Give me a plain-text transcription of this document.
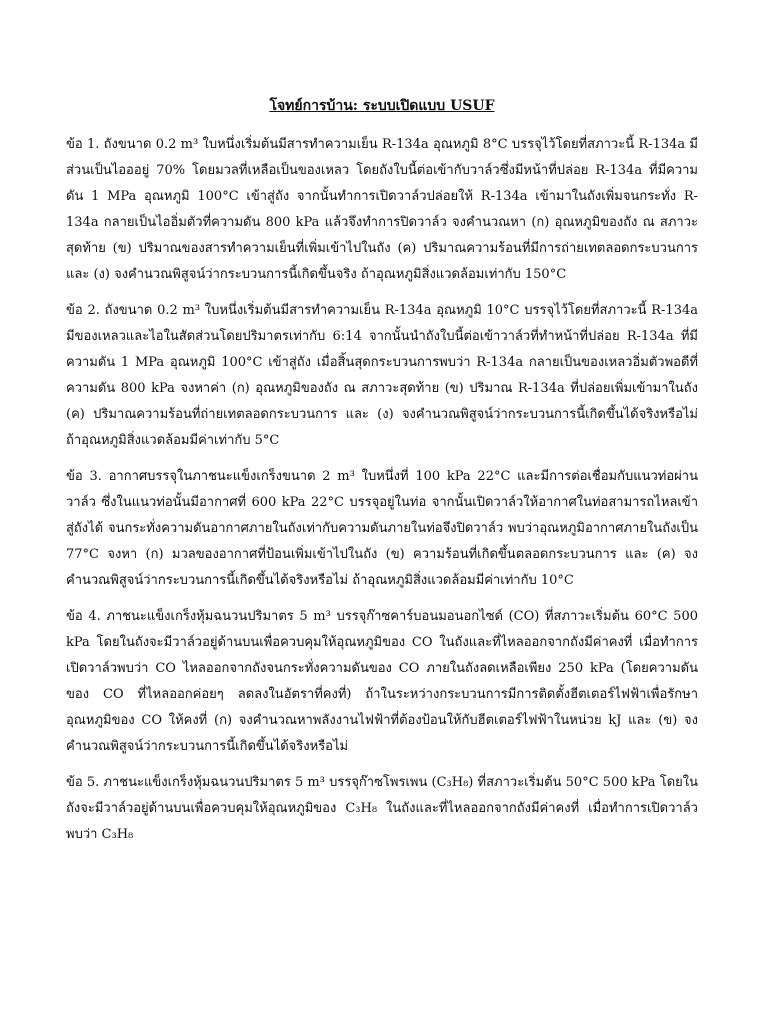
โจทย์การบ้าน: ระบบเปิดแบบ USUF

ข้อ 1. ถังขนาด 0.2 m³ ใบหนึ่งเริ่มต้นมีสารทำความเย็น R-134a อุณหภูมิ 8°C บรรจุไว้โดยที่สภาวะนี้ R-134a มีส่วนเป็นไอออยู่ 70% โดยมวลที่เหลือเป็นของเหลว โดยถังใบนี้ต่อเข้ากับวาล์วซึ่งมีหน้าที่ปล่อย R-134a ที่มีความดัน 1 MPa อุณหภูมิ 100°C เข้าสู่ถัง จากนั้นทำการเปิดวาล์วปล่อยให้ R-134a เข้ามาในถังเพิ่มจนกระทั่ง R-134a กลายเป็นไออิ่มตัวที่ความดัน 800 kPa แล้วจึงทำการปิดวาล์ว จงคำนวณหา (ก) อุณหภูมิของถัง ณ สภาวะสุดท้าย (ข) ปริมาณของสารทำความเย็นที่เพิ่มเข้าไปในถัง (ค) ปริมาณความร้อนที่มีการถ่ายเทตลอดกระบวนการ และ (ง) จงคำนวณพิสูจน์ว่ากระบวนการนี้เกิดขึ้นจริง ถ้าอุณหภูมิสิ่งแวดล้อมเท่ากับ 150°C

ข้อ 2. ถังขนาด 0.2 m³ ใบหนึ่งเริ่มต้นมีสารทำความเย็น R-134a อุณหภูมิ 10°C บรรจุไว้โดยที่สภาวะนี้ R-134a มีของเหลวและไอในสัดส่วนโดยปริมาตรเท่ากับ 6:14 จากนั้นนำถังใบนี้ต่อเข้าวาล์วที่ทำหน้าที่ปล่อย R-134a ที่มีความดัน 1 MPa อุณหภูมิ 100°C เข้าสู่ถัง เมื่อสิ้นสุดกระบวนการพบว่า R-134a กลายเป็นของเหลวอิ่มตัวพอดีที่ความดัน 800 kPa จงหาค่า (ก) อุณหภูมิของถัง ณ สภาวะสุดท้าย (ข) ปริมาณ R-134a ที่ปล่อยเพิ่มเข้ามาในถัง (ค) ปริมาณความร้อนที่ถ่ายเทตลอดกระบวนการ และ (ง) จงคำนวณพิสูจน์ว่ากระบวนการนี้เกิดขึ้นได้จริงหรือไม่ ถ้าอุณหภูมิสิ่งแวดล้อมมีค่าเท่ากับ 5°C

ข้อ 3. อากาศบรรจุในภาชนะแข็งเกร็งขนาด 2 m³ ใบหนึ่งที่ 100 kPa 22°C และมีการต่อเชื่อมกับแนวท่อผ่านวาล์ว ซึ่งในแนวท่อนั้นมีอากาศที่ 600 kPa 22°C บรรจุอยู่ในท่อ จากนั้นเปิดวาล์วให้อากาศในท่อสามารถไหลเข้าสู่ถังได้ จนกระทั่งความดันอากาศภายในถังเท่ากับความดันภายในท่อจึงปิดวาล์ว พบว่าอุณหภูมิอากาศภายในถังเป็น 77°C จงหา (ก) มวลของอากาศที่ป้อนเพิ่มเข้าไปในถัง (ข) ความร้อนที่เกิดขึ้นตลอดกระบวนการ และ (ค) จงคำนวณพิสูจน์ว่ากระบวนการนี้เกิดขึ้นได้จริงหรือไม่ ถ้าอุณหภูมิสิ่งแวดล้อมมีค่าเท่ากับ 10°C

ข้อ 4. ภาชนะแข็งเกร็งหุ้มฉนวนปริมาตร 5 m³ บรรจุก๊าซคาร์บอนมอนอกไซด์ (CO) ที่สภาวะเริ่มต้น 60°C 500 kPa โดยในถังจะมีวาล์วอยู่ด้านบนเพื่อควบคุมให้อุณหภูมิของ CO ในถังและที่ไหลออกจากถังมีค่าคงที่ เมื่อทำการเปิดวาล์วพบว่า CO ไหลออกจากถังจนกระทั่งความดันของ CO ภายในถังลดเหลือเพียง 250 kPa (โดยความดันของ CO ที่ไหลออกค่อยๆ ลดลงในอัตราที่คงที่) ถ้าในระหว่างกระบวนการมีการติดตั้งฮีตเตอร์ไฟฟ้าเพื่อรักษาอุณหภูมิของ CO ให้คงที่ (ก) จงคำนวณหาพลังงานไฟฟ้าที่ต้องป้อนให้กับฮีตเตอร์ไฟฟ้าในหน่วย kJ และ (ข) จงคำนวณพิสูจน์ว่ากระบวนการนี้เกิดขึ้นได้จริงหรือไม่

ข้อ 5. ภาชนะแข็งเกร็งหุ้มฉนวนปริมาตร 5 m³ บรรจุก๊าซโพรเพน (C₃H₈) ที่สภาวะเริ่มต้น 50°C 500 kPa โดยในถังจะมีวาล์วอยู่ด้านบนเพื่อควบคุมให้อุณหภูมิของ C₃H₈ ในถังและที่ไหลออกจากถังมีค่าคงที่ เมื่อทำการเปิดวาล์วพบว่า C₃H₈
